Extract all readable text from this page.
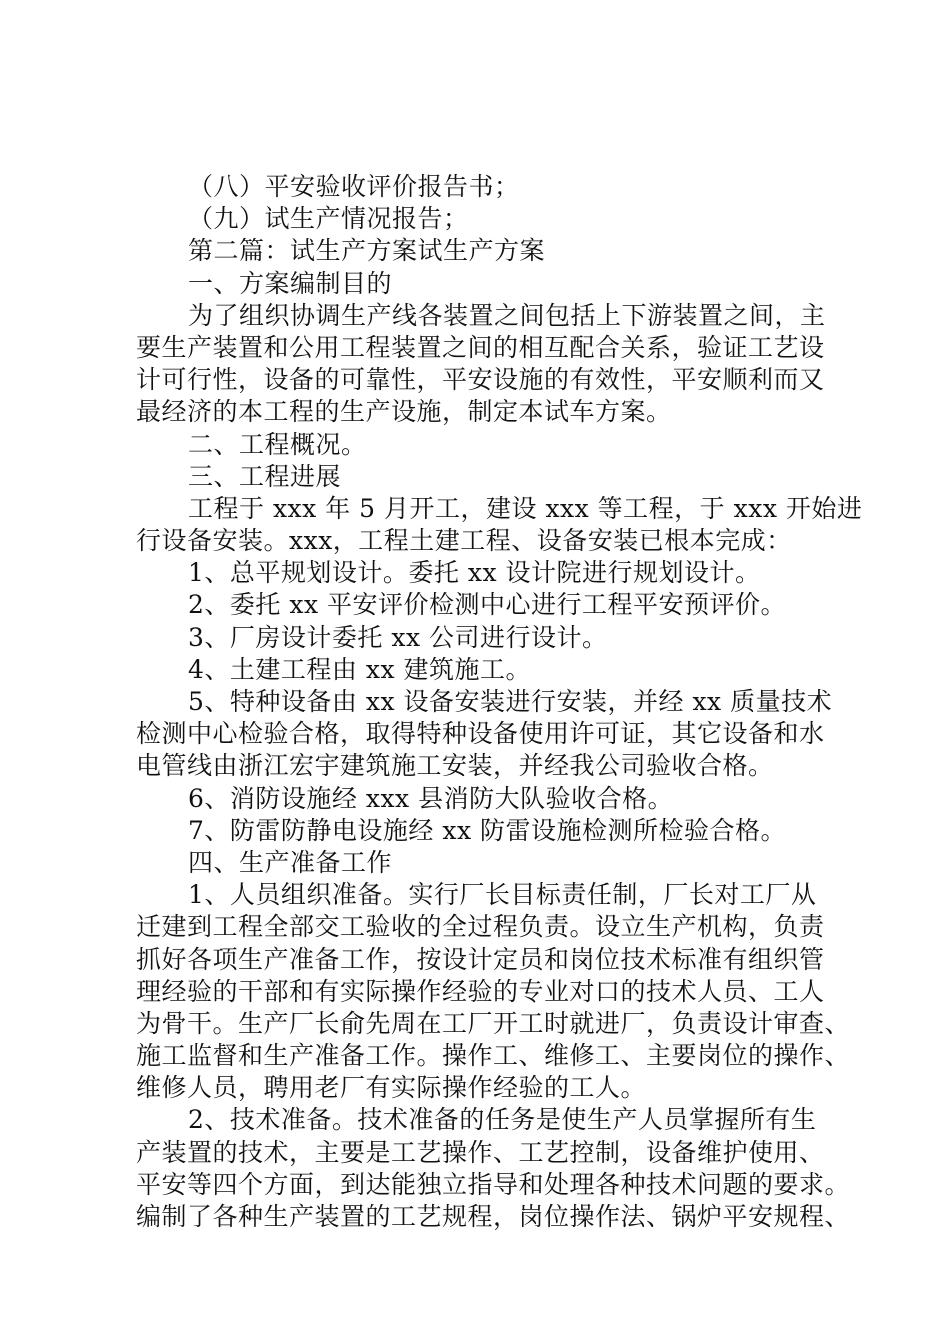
（八）平安验收评价报告书；
（九）试生产情况报告；
第二篇：试生产方案试生产方案
一、方案编制目的
为了组织协调生产线各装置之间包括上下游装置之间，主
要生产装置和公用工程装置之间的相互配合关系，验证工艺设
计可行性，设备的可靠性，平安设施的有效性，平安顺利而又
最经济的本工程的生产设施，制定本试车方案。
二、工程概况。
三、工程进展
工程于 xxx 年 5 月开工，建设 xxx 等工程，于 xxx 开始进
行设备安装。xxx，工程土建工程、设备安装已根本完成：
1、总平规划设计。委托 xx 设计院进行规划设计。
2、委托 xx 平安评价检测中心进行工程平安预评价。
3、厂房设计委托 xx 公司进行设计。
4、土建工程由 xx 建筑施工。
5、特种设备由 xx 设备安装进行安装，并经 xx 质量技术
检测中心检验合格，取得特种设备使用许可证，其它设备和水
电管线由浙江宏宇建筑施工安装，并经我公司验收合格。
6、消防设施经 xxx 县消防大队验收合格。
7、防雷防静电设施经 xx 防雷设施检测所检验合格。
四、生产准备工作
1、人员组织准备。实行厂长目标责任制，厂长对工厂从
迁建到工程全部交工验收的全过程负责。设立生产机构，负责
抓好各项生产准备工作，按设计定员和岗位技术标准有组织管
理经验的干部和有实际操作经验的专业对口的技术人员、工人
为骨干。生产厂长俞先周在工厂开工时就进厂，负责设计审查、
施工监督和生产准备工作。操作工、维修工、主要岗位的操作、
维修人员，聘用老厂有实际操作经验的工人。
2、技术准备。技术准备的任务是使生产人员掌握所有生
产装置的技术，主要是工艺操作、工艺控制，设备维护使用、
平安等四个方面，到达能独立指导和处理各种技术问题的要求。
编制了各种生产装置的工艺规程，岗位操作法、锅炉平安规程、
